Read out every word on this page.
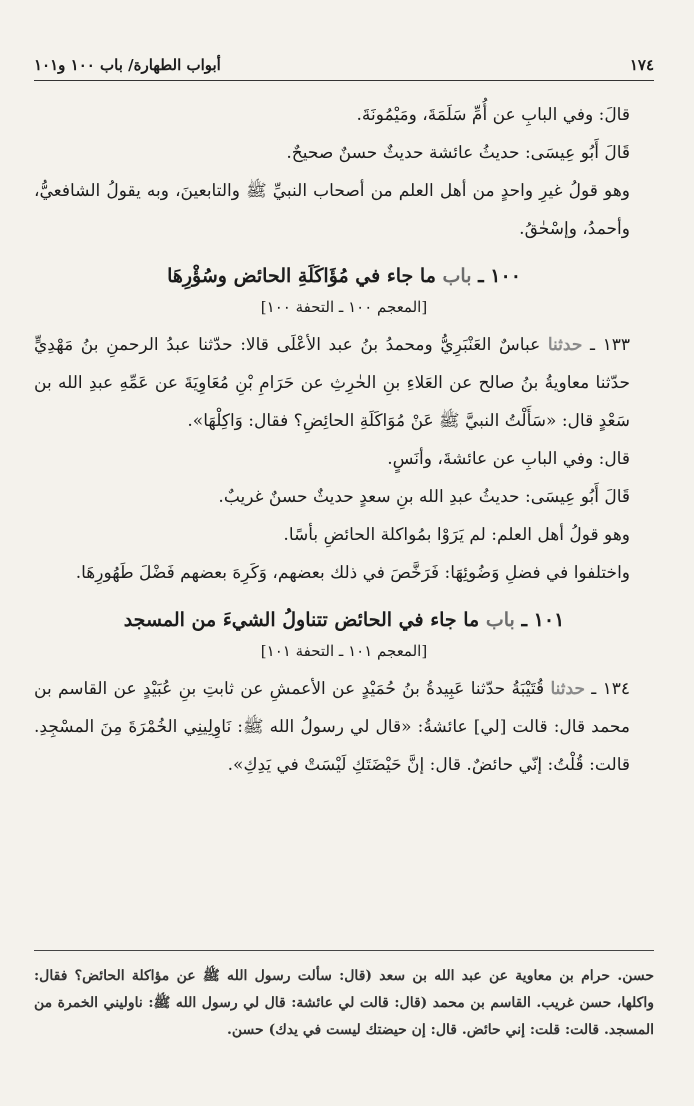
١٧٤
أبواب الطهارة/ باب ١٠٠ و١٠١

قالَ: وفي البابِ عن أُمِّ سَلَمَةَ، ومَيْمُونَةَ.

قَالَ أَبُو عِيسَى: حديثُ عائشة حديثٌ حسنٌ صحيحٌ.

وهو قولُ غيرِ واحدٍ من أهل العلم من أصحاب النبيِّ ﷺ والتابعينَ، وبه يقولُ الشافعيُّ، وأحمدُ، وإسْحٰقُ.

١٠٠ ـ باب ما جاء في مُؤَاكَلَةِ الحائض وسُؤْرِهَا
[المعجم ١٠٠ ـ التحفة ١٠٠]

١٣٣ ـ حدثنا عباسٌ العَنْبَرِيُّ ومحمدُ بنُ عبد الأعْلَى قالا: حدّثنا عبدُ الرحمنِ بنُ مَهْدِيٍّ حدّثنا معاويةُ بنُ صالح عن العَلاءِ بنِ الحٰرِثِ عن حَرَامِ بْنِ مُعَاوِيَةَ عن عَمِّهِ عبدِ الله بن سَعْدٍ قال: «سَأَلْتُ النبيَّ ﷺ عَنْ مُوَاكَلَةِ الحائِضِ؟ فقال: وَاكِلْهَا».

قال: وفي البابِ عن عائشةَ، وأنَسٍ.

قَالَ أَبُو عِيسَى: حديثُ عبدِ الله بنِ سعدٍ حديثٌ حسنٌ غريبٌ.

وهو قولُ أهل العلم: لم يَرَوْا بمُواكلة الحائضِ بأسًا.

واختلفوا في فضلِ وَضُوئِهَا: فَرَخَّصَ في ذلك بعضهم، وَكَرِهَ بعضهم فَضْلَ طَهُورِهَا.

١٠١ ـ باب ما جاء في الحائض تتناولُ الشيءَ من المسجد
[المعجم ١٠١ ـ التحفة ١٠١]

١٣٤ ـ حدثنا قُتَيْبَةُ حدّثنا عَبِيدةُ بنُ حُمَيْدٍ عن الأعمشِ عن ثابتِ بنِ عُبَيْدٍ عن القاسم بن محمد قال: قالت [لي] عائشةُ: «قال لي رسولُ الله ﷺ: نَاوِلِينِي الخُمْرَةَ مِنَ المسْجِدِ. قالت: قُلْتُ: إنّي حائضٌ. قال: إنَّ حَيْضَتَكِ لَيْسَتْ في يَدِكِ».

حسن. حرام بن معاوية عن عبد الله بن سعد (قال: سألت رسول الله ﷺ عن مؤاكلة الحائض؟ فقال: واكلها، حسن غريب. القاسم بن محمد (قال: قالت لي عائشة: قال لي رسول الله ﷺ: ناوليني الخمرة من المسجد. قالت: قلت: إني حائض. قال: إن حيضتك ليست في يدك) حسن.
